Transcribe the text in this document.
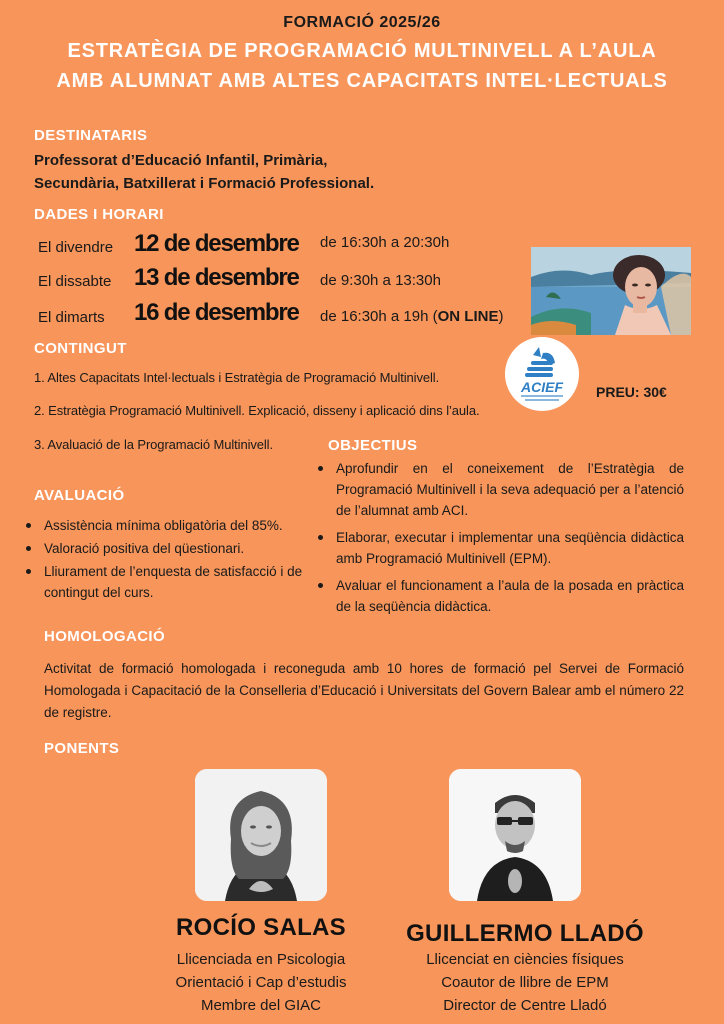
FORMACIÓ 2025/26
ESTRATÈGIA DE PROGRAMACIÓ MULTINIVELL A L’AULA
AMB ALUMNAT AMB ALTES CAPACITATS INTEL·LECTUALS
DESTINATARIS
Professorat d’Educació Infantil, Primària,
Secundària, Batxillerat i Formació Professional.
DADES I HORARI
El divendre 12 de desembre de 16:30h a 20:30h
El dissabte 13 de desembre de 9:30h a 13:30h
El dimarts 16 de desembre de 16:30h a 19h (ON LINE)
ACIEF	PREU: 30€
CONTINGUT
1. Altes Capacitats Intel·lectuals i Estratègia de Programació Multinivell.
2. Estratègia Programació Multinivell. Explicació, disseny i aplicació dins l’aula.
3. Avaluació de la Programació Multinivell.	OBJECTIUS
Aprofundir en el coneixement de l’Estratègia de Programació Multinivell i la seva adequació per a l’atenció de l’alumnat amb ACI.
Elaborar, executar i implementar una seqüència didàctica amb Programació Multinivell (EPM).
Avaluar el funcionament a l’aula de la posada en pràctica de la seqüència didàctica.
AVALUACIÓ
Assistència mínima obligatòria del 85%.
Valoració positiva del qüestionari.
Lliurament de l’enquesta de satisfacció i de contingut del curs.
HOMOLOGACIÓ
Activitat de formació homologada i reconeguda amb 10 hores de formació pel Servei de Formació Homologada i Capacitació de la Conselleria d’Educació i Universitats del Govern Balear amb el número 22 de registre.
PONENTS
ROCÍO SALAS
Llicenciada en Psicologia
Orientació i Cap d’estudis
Membre del GIAC
GUILLERMO LLADÓ
Llicenciat en ciències físiques
Coautor de llibre de EPM
Director de Centre Lladó
